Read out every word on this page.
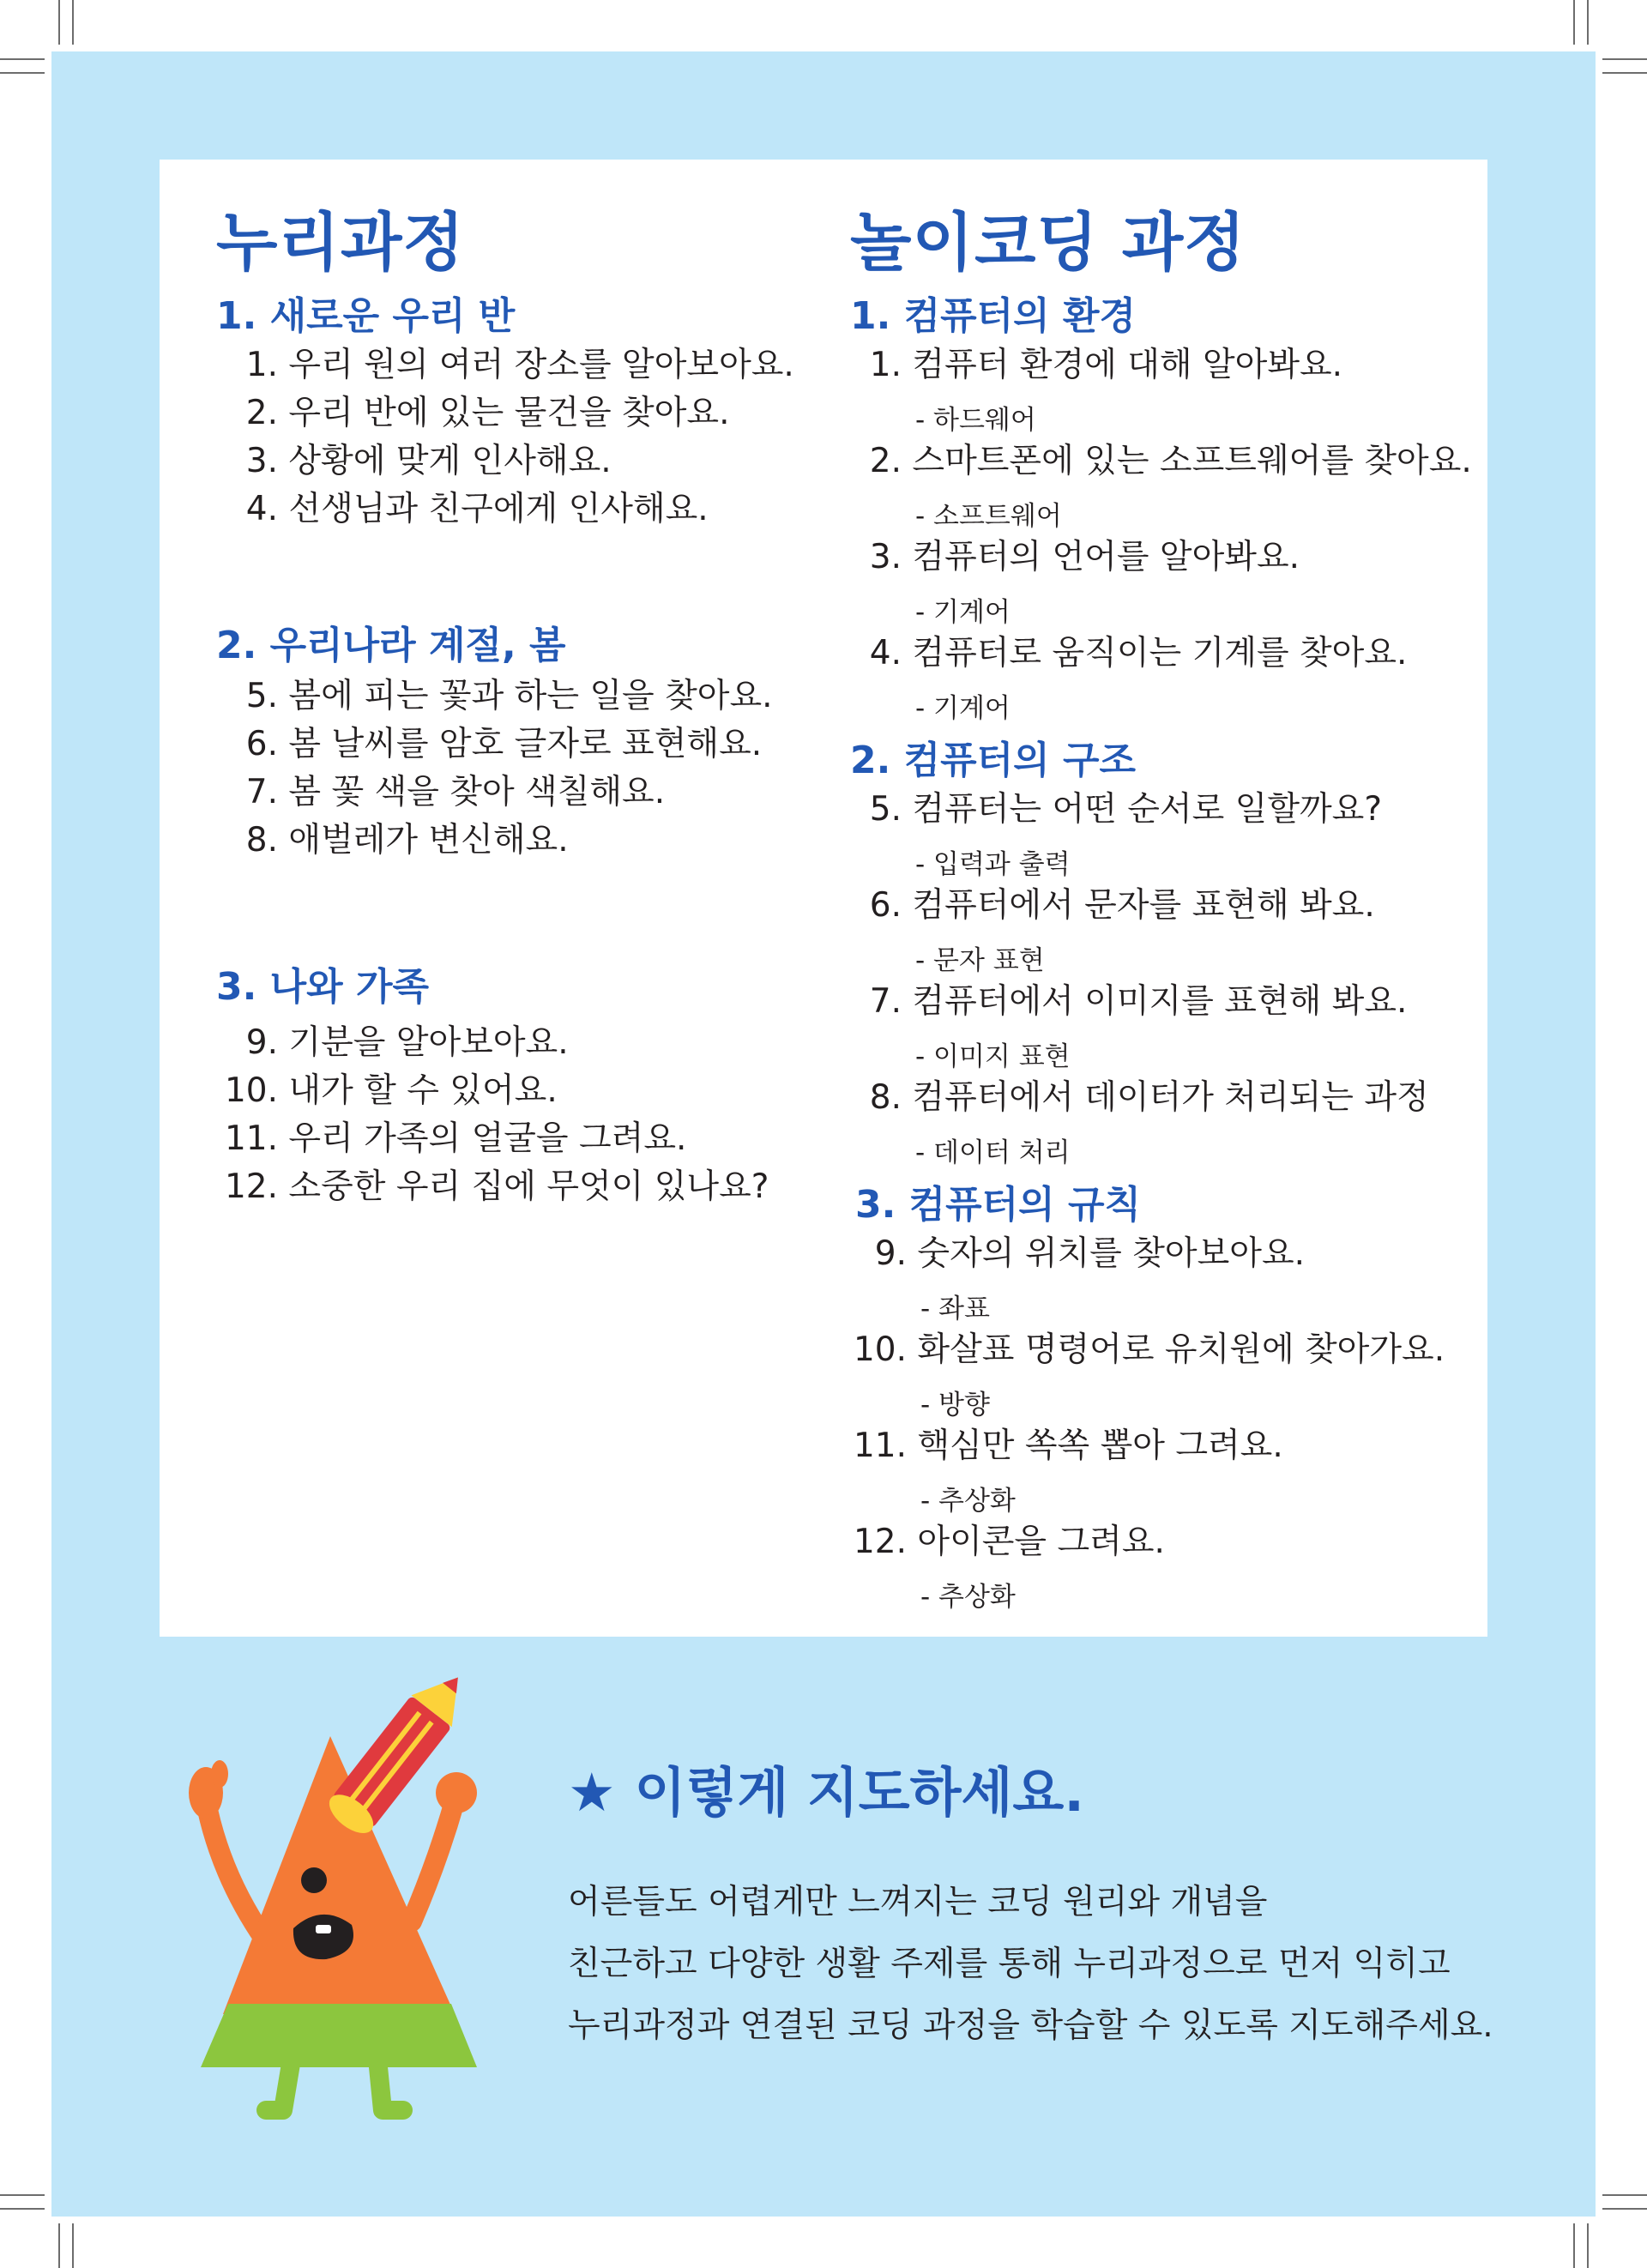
누리과정
1. 새로운 우리 반
1. 우리 원의 여러 장소를 알아보아요.
2. 우리 반에 있는 물건을 찾아요.
3. 상황에 맞게 인사해요.
4. 선생님과 친구에게 인사해요.
2. 우리나라 계절, 봄
5. 봄에 피는 꽃과 하는 일을 찾아요.
6. 봄 날씨를 암호 글자로 표현해요.
7. 봄 꽃 색을 찾아 색칠해요.
8. 애벌레가 변신해요.
3. 나와 가족
9. 기분을 알아보아요.
10. 내가 할 수 있어요.
11. 우리 가족의 얼굴을 그려요.
12. 소중한 우리 집에 무엇이 있나요?
놀이코딩 과정
1. 컴퓨터의 환경
1. 컴퓨터 환경에 대해 알아봐요.
- 하드웨어
2. 스마트폰에 있는 소프트웨어를 찾아요.
- 소프트웨어
3. 컴퓨터의 언어를 알아봐요.
- 기계어
4. 컴퓨터로 움직이는 기계를 찾아요.
- 기계어
2. 컴퓨터의 구조
5. 컴퓨터는 어떤 순서로 일할까요?
- 입력과 출력
6. 컴퓨터에서 문자를 표현해 봐요.
- 문자 표현
7. 컴퓨터에서 이미지를 표현해 봐요.
- 이미지 표현
8. 컴퓨터에서 데이터가 처리되는 과정
- 데이터 처리
3. 컴퓨터의 규칙
9. 숫자의 위치를 찾아보아요.
- 좌표
10. 화살표 명령어로 유치원에 찾아가요.
- 방향
11. 핵심만 쏙쏙 뽑아 그려요.
- 추상화
12. 아이콘을 그려요.
- 추상화
★ 이렇게 지도하세요.
어른들도 어렵게만 느껴지는 코딩 원리와 개념을
친근하고 다양한 생활 주제를 통해 누리과정으로 먼저 익히고
누리과정과 연결된 코딩 과정을 학습할 수 있도록 지도해주세요.
